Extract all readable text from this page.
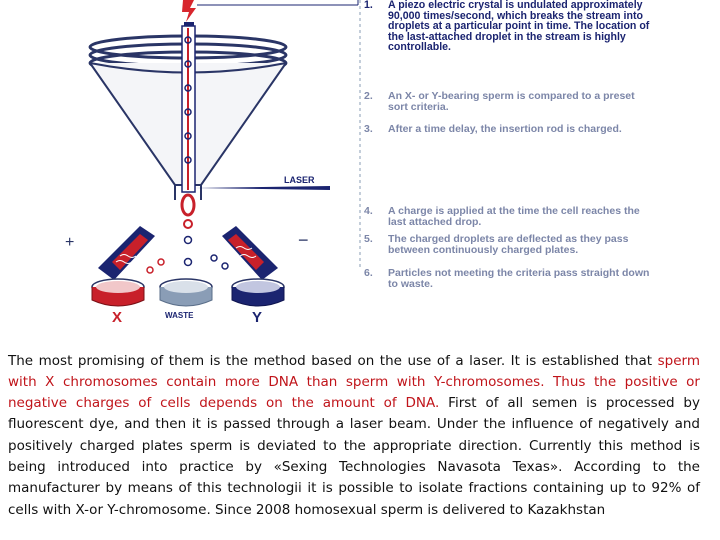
LASER
+	−
X	WASTE	Y
1. A piezo electric crystal is undulated approximately 90,000 times/second, which breaks the stream into droplets at a particular point in time. The location of the last-attached droplet in the stream is highly controllable.
2. An X- or Y-bearing sperm is compared to a preset sort criteria.
3. After a time delay, the insertion rod is charged.
4. A charge is applied at the time the cell reaches the last attached drop.
5. The charged droplets are deflected as they pass between continuously charged plates.
6. Particles not meeting the criteria pass straight down to waste.

The most promising of them is the method based on the use of a laser. It is established that sperm with X chromosomes contain more DNA than sperm with Y-chromosomes. Thus the positive or negative charges of cells depends on the amount of DNA. First of all semen is processed by fluorescent dye, and then it is passed through a laser beam. Under the influence of negatively and positively charged plates sperm is deviated to the appropriate direction. Currently this method is being introduced into practice by «Sexing Technologies Navasota Texas». According to the manufacturer by means of this technologii it is possible to isolate fractions containing up to 92% of cells with X-or Y-chromosome. Since 2008 homosexual sperm is delivered to Kazakhstan
